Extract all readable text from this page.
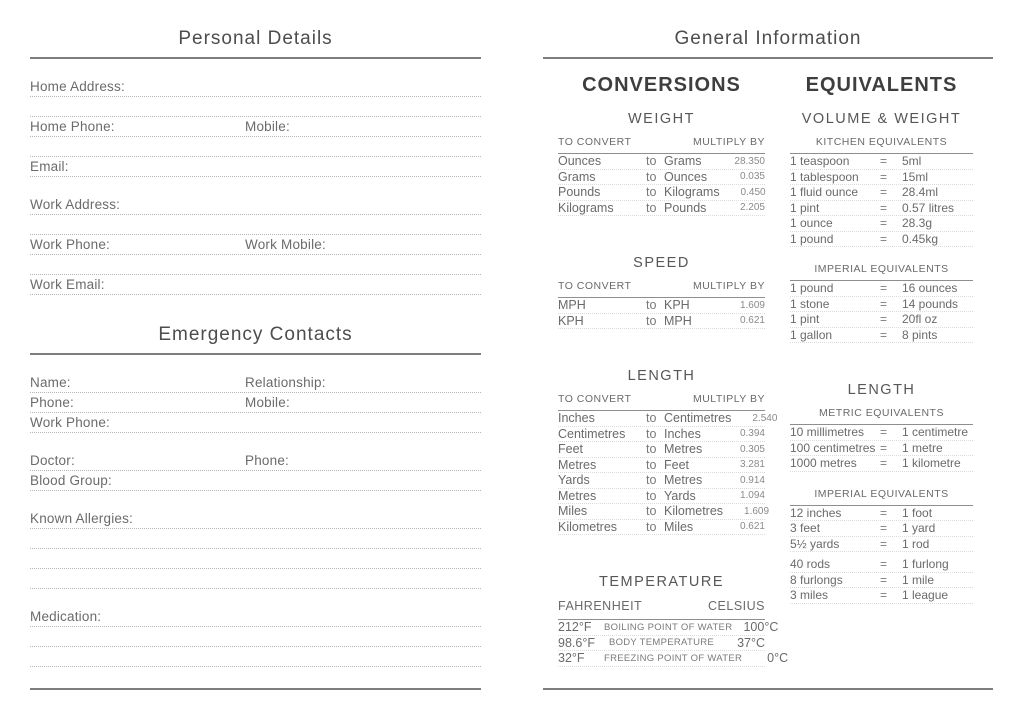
Personal Details
Home Address:
Home Phone:	Mobile:
Email:
Work Address:
Work Phone:	Work Mobile:
Work Email:
Emergency Contacts
Name:	Relationship:
Phone:	Mobile:
Work Phone:
Doctor:	Phone:
Blood Group:
Known Allergies:
Medication:
General Information
CONVERSIONS
WEIGHT
TO CONVERT	MULTIPLY BY
Ounces	to Grams	28.350
Grams	to Ounces	0.035
Pounds	to Kilograms	0.450
Kilograms	to Pounds	2.205
SPEED
TO CONVERT	MULTIPLY BY
MPH	to KPH	1.609
KPH	to MPH	0.621
LENGTH
TO CONVERT	MULTIPLY BY
Inches	to Centimetres	2.540
Centimetres	to Inches	0.394
Feet	to Metres	0.305
Metres	to Feet	3.281
Yards	to Metres	0.914
Metres	to Yards	1.094
Miles	to Kilometres	1.609
Kilometres	to Miles	0.621
TEMPERATURE
FAHRENHEIT	CELSIUS
212°F	BOILING POINT OF WATER 100°C
98.6°F	BODY TEMPERATURE	37°C
32°F	FREEZING POINT OF WATER	0°C
EQUIVALENTS
VOLUME & WEIGHT
KITCHEN EQUIVALENTS
1 teaspoon	=	5ml
1 tablespoon	=	15ml
1 fluid ounce	=	28.4ml
1 pint	=	0.57 litres
1 ounce	=	28.3g
1 pound	=	0.45kg
IMPERIAL EQUIVALENTS
1 pound	=	16 ounces
1 stone	=	14 pounds
1 pint	=	20fl oz
1 gallon	=	8 pints
LENGTH
METRIC EQUIVALENTS
10 millimetres	=	1 centimetre
100 centimetres =	1 metre
1000 metres	=	1 kilometre
IMPERIAL EQUIVALENTS
12 inches	=	1 foot
3 feet	=	1 yard
5½ yards	=	1 rod
40 rods	=	1 furlong
8 furlongs	=	1 mile
3 miles	=	1 league
